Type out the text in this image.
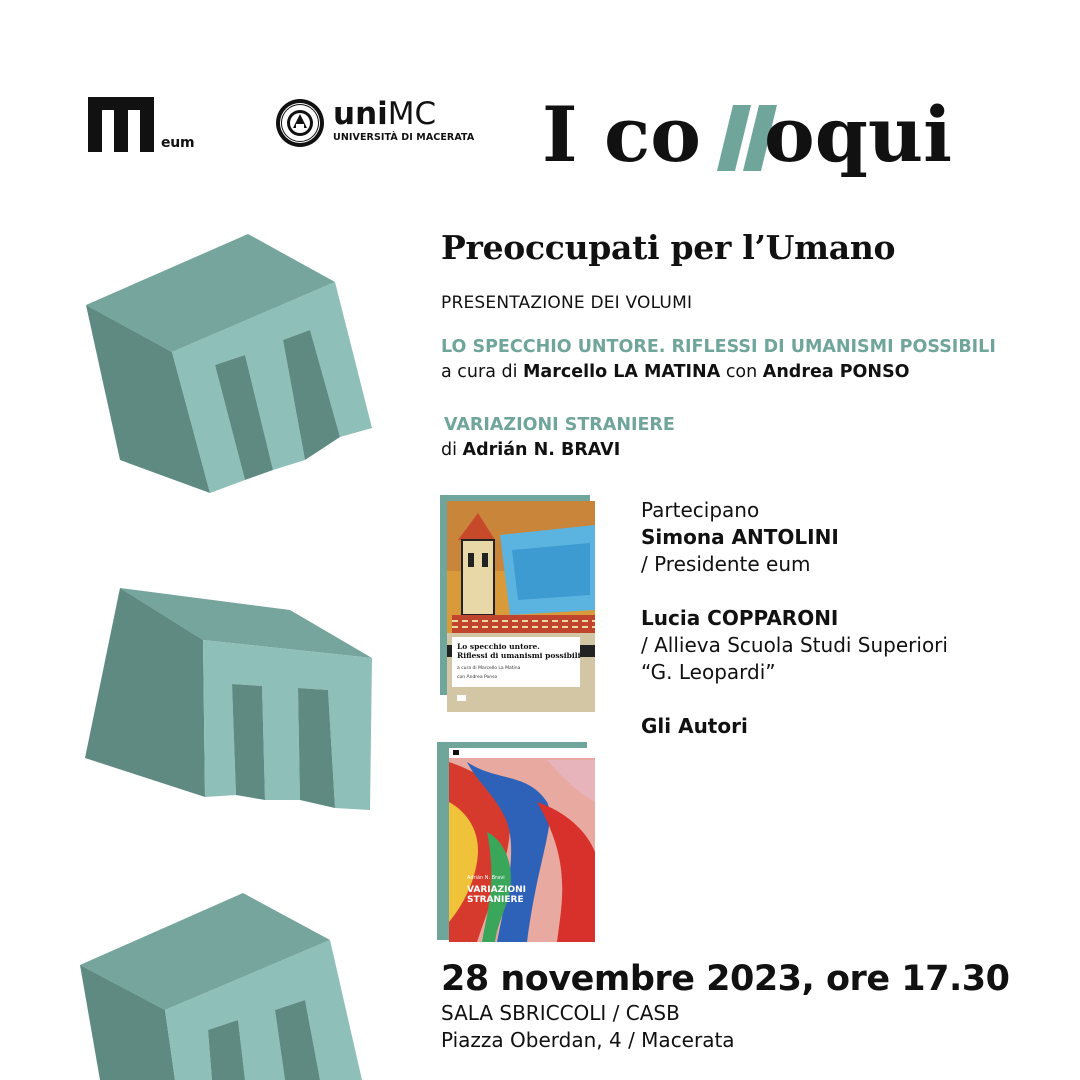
eum
uniMC
UNIVERSITÀ DI MACERATA I co oqui
Preoccupati per l’Umano
PRESENTAZIONE DEI VOLUMI
LO SPECCHIO UNTORE. RIFLESSI DI UMANISMI POSSIBILI
a cura di Marcello LA MATINA con Andrea PONSO
VARIAZIONI STRANIERE
di Adrián N. BRAVI
Lo specchio untore.
Riflessi di umanismi possibili
a cura di Marcello La Matina
con Andrea Ponso
Adrián N. Bravi
VARIAZIONI
STRANIERE
Partecipano
Simona ANTOLINI
/ Presidente eum
Lucia COPPARONI
/ Allieva Scuola Studi Superiori
“G. Leopardi”
Gli Autori
28 novembre 2023, ore 17.30
SALA SBRICCOLI / CASB
Piazza Oberdan, 4 / Macerata
